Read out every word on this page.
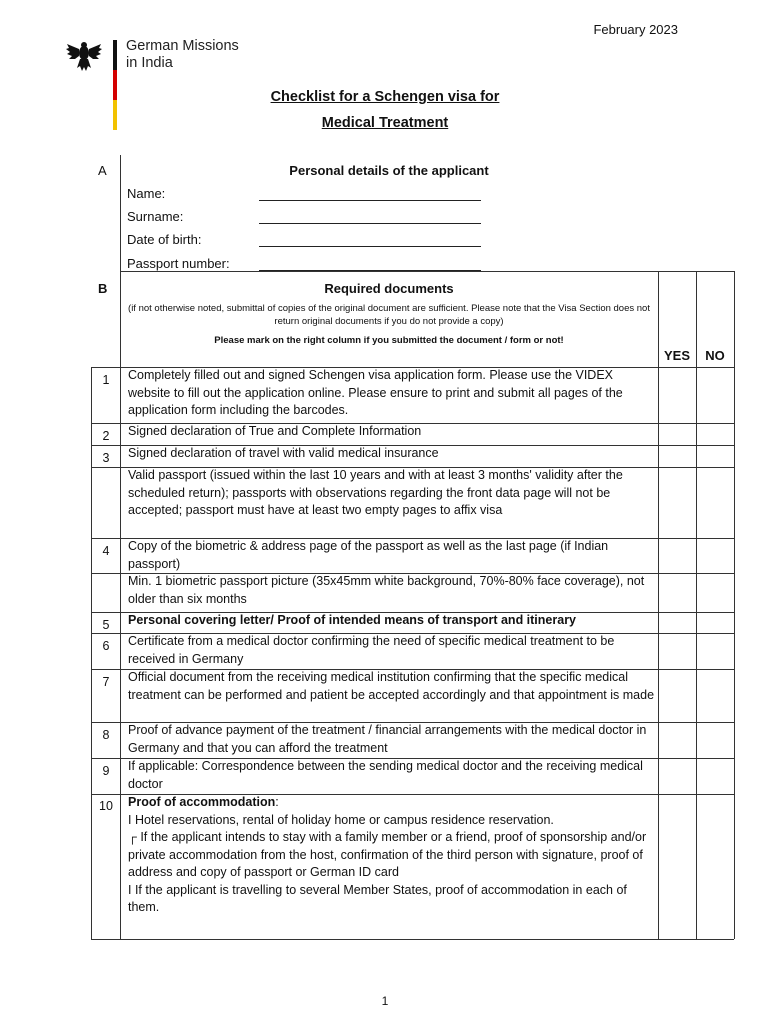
February 2023
German Missions
in India
Checklist for a Schengen visa for
Medical Treatment
A	Personal details of the applicant
Name:
Surname:
Date of birth:
Passport number:
B	Required documents
(if not otherwise noted, submittal of copies of the original document are sufficient. Please note that the Visa Section does not return original documents if you do not provide a copy)
Please mark on the right column if you submitted the document / form or not!
YES	NO
1	Completely filled out and signed Schengen visa application form. Please use the VIDEX website to fill out the application online. Please ensure to print and submit all pages of the application form including the barcodes.
2	Signed declaration of True and Complete Information
3	Signed declaration of travel with valid medical insurance
Valid passport (issued within the last 10 years and with at least 3 months' validity after the scheduled return); passports with observations regarding the front data page will not be accepted; passport must have at least two empty pages to affix visa
4	Copy of the biometric & address page of the passport as well as the last page (if Indian passport)
Min. 1 biometric passport picture (35x45mm white background, 70%-80% face coverage), not older than six months
5	Personal covering letter/ Proof of intended means of transport and itinerary
6	Certificate from a medical doctor confirming the need of specific medical treatment to be received in Germany
7	Official document from the receiving medical institution confirming that the specific medical treatment can be performed and patient be accepted accordingly and that appointment is made
8	Proof of advance payment of the treatment / financial arrangements with the medical doctor in Germany and that you can afford the treatment
9	If applicable: Correspondence between the sending medical doctor and the receiving medical doctor
10	Proof of accommodation:
I Hotel reservations, rental of holiday home or campus residence reservation.
┌ If the applicant intends to stay with a family member or a friend, proof of sponsorship and/or private accommodation from the host, confirmation of the third person with signature, proof of address and copy of passport or German ID card
I If the applicant is travelling to several Member States, proof of accommodation in each of them.
1
